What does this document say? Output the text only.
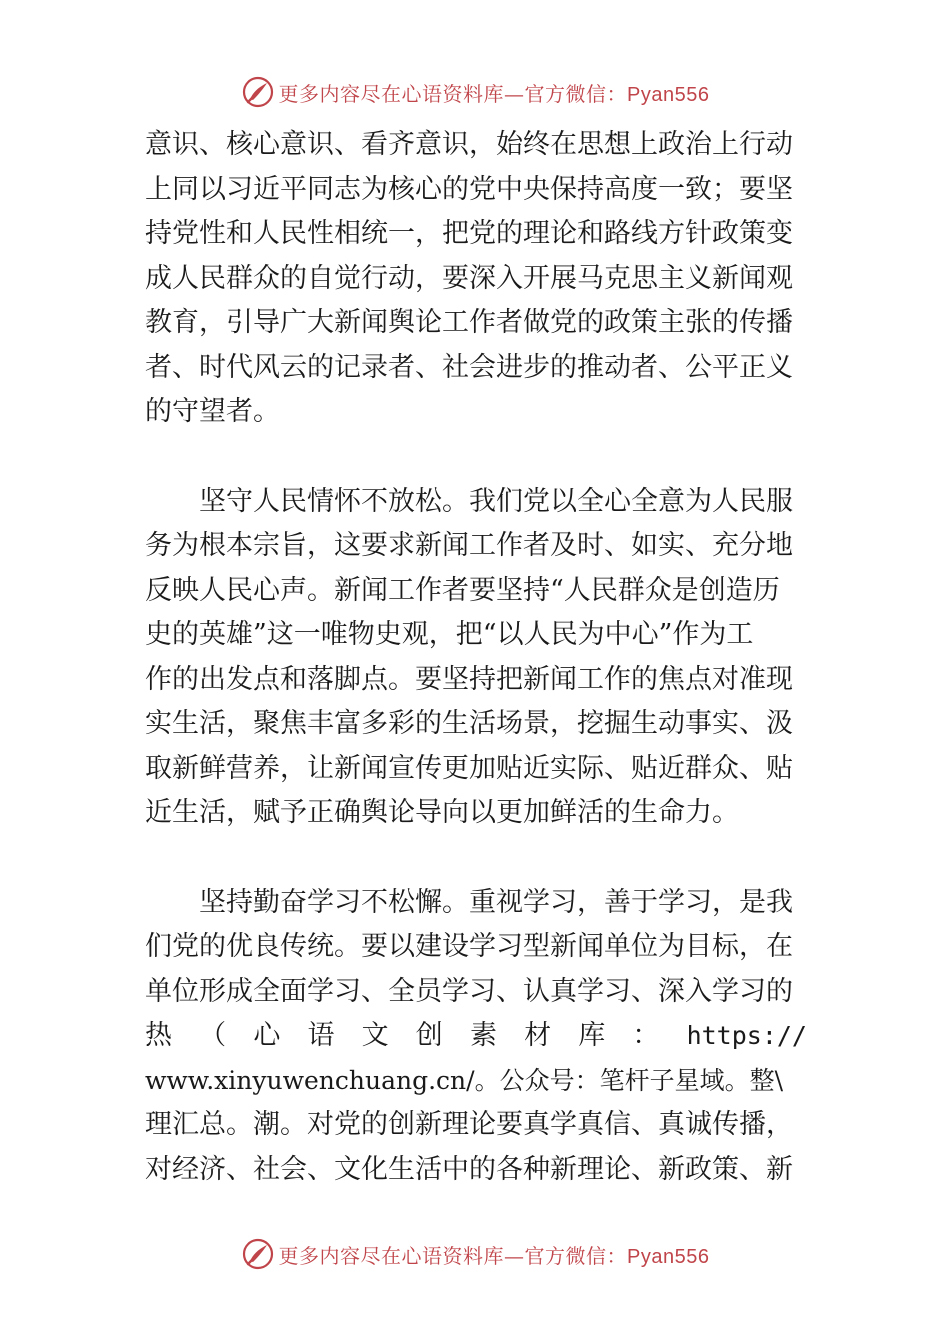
更多内容尽在心语资料库—官方微信：Pyan556
意识、核心意识、看齐意识，始终在思想上政治上行动
上同以习近平同志为核心的党中央保持高度一致；要坚
持党性和人民性相统一，把党的理论和路线方针政策变
成人民群众的自觉行动，要深入开展马克思主义新闻观
教育，引导广大新闻舆论工作者做党的政策主张的传播
者、时代风云的记录者、社会进步的推动者、公平正义
的守望者。
坚守人民情怀不放松。我们党以全心全意为人民服
务为根本宗旨，这要求新闻工作者及时、如实、充分地
反映人民心声。新闻工作者要坚持“人民群众是创造历
史的英雄”这一唯物史观，把“以人民为中心”作为工
作的出发点和落脚点。要坚持把新闻工作的焦点对准现
实生活，聚焦丰富多彩的生活场景，挖掘生动事实、汲
取新鲜营养，让新闻宣传更加贴近实际、贴近群众、贴
近生活，赋予正确舆论导向以更加鲜活的生命力。
坚持勤奋学习不松懈。重视学习，善于学习，是我
们党的优良传统。要以建设学习型新闻单位为目标，在
单位形成全面学习、全员学习、认真学习、深入学习的
热 （ 心 语 文 创 素 材 库 ： https://
www.xinyuwenchuang.cn/。公众号：笔杆子星域。整\
理汇总。潮。对党的创新理论要真学真信、真诚传播，
对经济、社会、文化生活中的各种新理论、新政策、新
更多内容尽在心语资料库—官方微信：Pyan556
